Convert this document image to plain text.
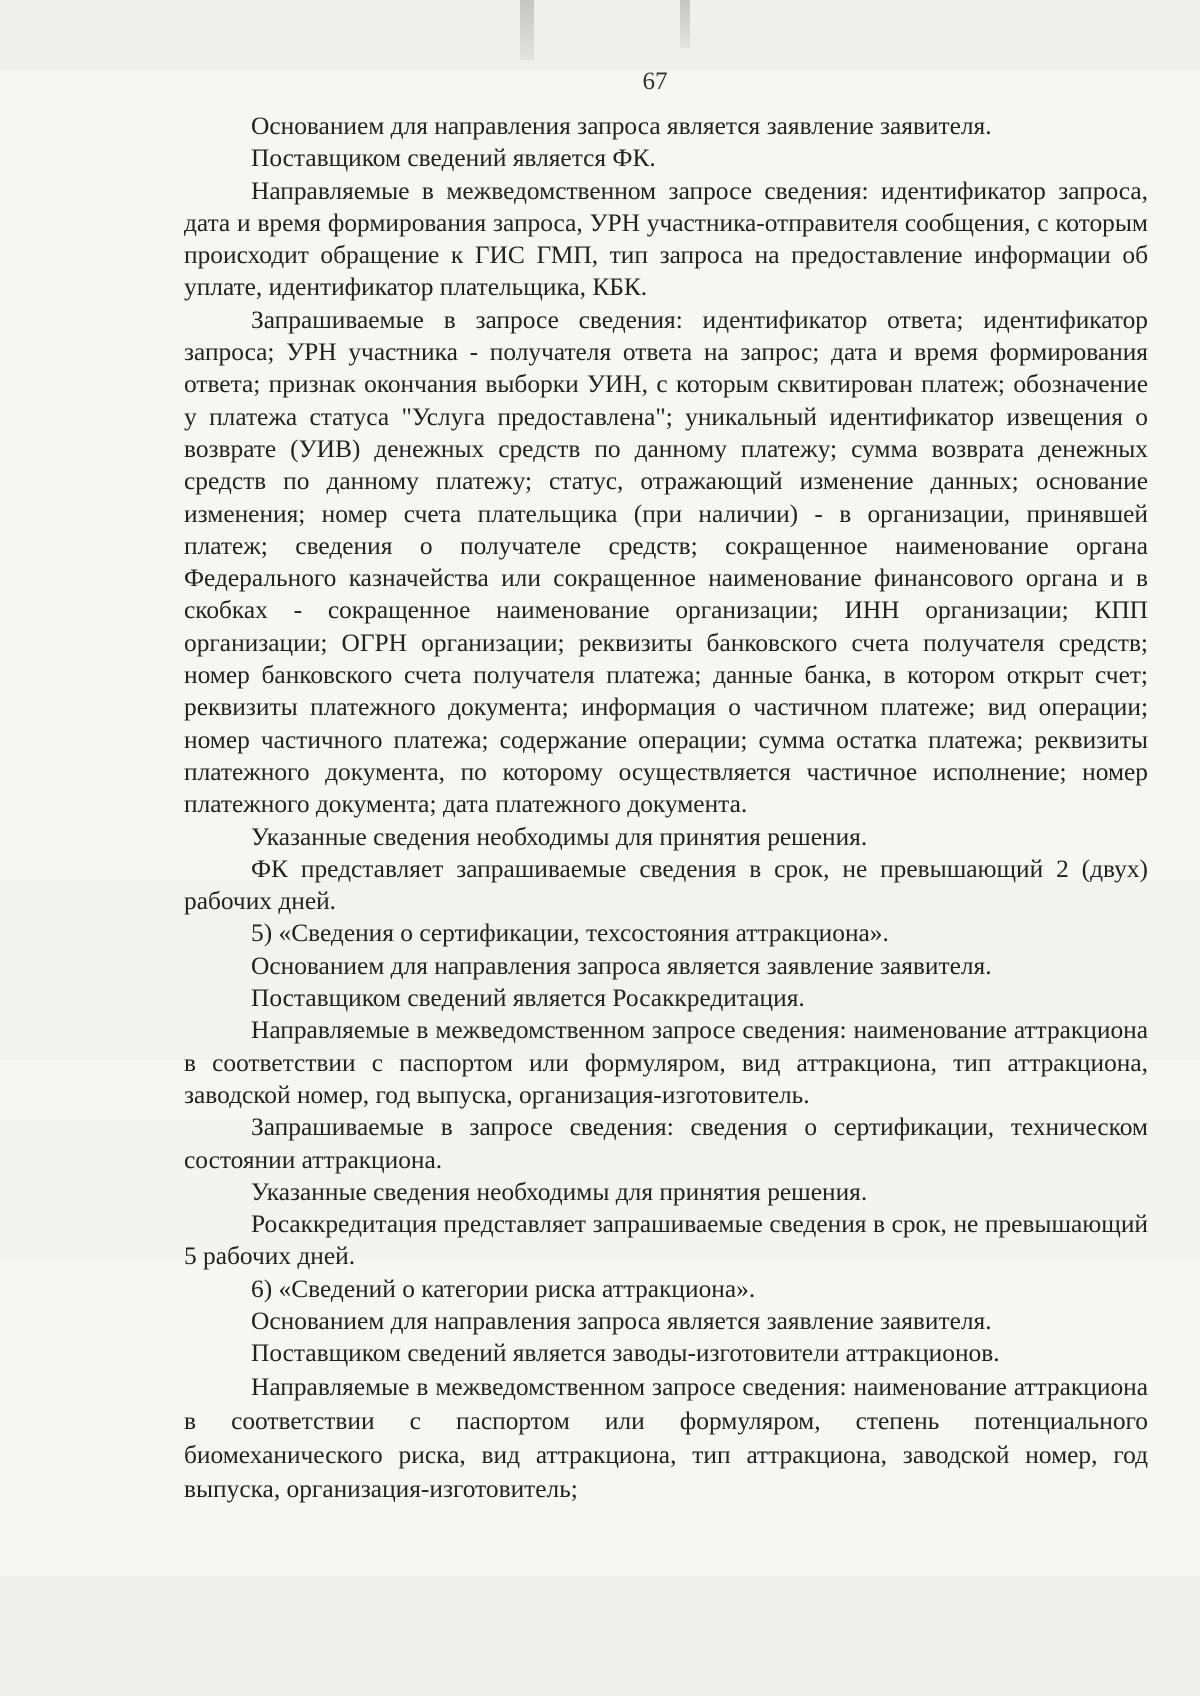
67

Основанием для направления запроса является заявление заявителя.

Поставщиком сведений является ФК.

Направляемые в межведомственном запросе сведения: идентификатор запроса, дата и время формирования запроса, УРН участника-отправителя сообщения, с которым происходит обращение к ГИС ГМП, тип запроса на предоставление информации об уплате, идентификатор плательщика, КБК.

Запрашиваемые в запросе сведения: идентификатор ответа; идентификатор запроса; УРН участника - получателя ответа на запрос; дата и время формирования ответа; признак окончания выборки УИН, с которым сквитирован платеж; обозначение у платежа статуса "Услуга предоставлена"; уникальный идентификатор извещения о возврате (УИВ) денежных средств по данному платежу; сумма возврата денежных средств по данному платежу; статус, отражающий изменение данных; основание изменения; номер счета плательщика (при наличии) - в организации, принявшей платеж; сведения о получателе средств; сокращенное наименование органа Федерального казначейства или сокращенное наименование финансового органа и в скобках - сокращенное наименование организации; ИНН организации; КПП организации; ОГРН организации; реквизиты банковского счета получателя средств; номер банковского счета получателя платежа; данные банка, в котором открыт счет; реквизиты платежного документа; информация о частичном платеже; вид операции; номер частичного платежа; содержание операции; сумма остатка платежа; реквизиты платежного документа, по которому осуществляется частичное исполнение; номер платежного документа; дата платежного документа.

Указанные сведения необходимы для принятия решения.

ФК представляет запрашиваемые сведения в срок, не превышающий 2 (двух) рабочих дней.

5) «Сведения о сертификации, техсостояния аттракциона».

Основанием для направления запроса является заявление заявителя.

Поставщиком сведений является Росаккредитация.

Направляемые в межведомственном запросе сведения: наименование аттракциона в соответствии с паспортом или формуляром, вид аттракциона, тип аттракциона, заводской номер, год выпуска, организация-изготовитель.

Запрашиваемые в запросе сведения: сведения о сертификации, техническом состоянии аттракциона.

Указанные сведения необходимы для принятия решения.

Росаккредитация представляет запрашиваемые сведения в срок, не превышающий 5 рабочих дней.

6) «Сведений о категории риска аттракциона».

Основанием для направления запроса является заявление заявителя.

Поставщиком сведений является заводы-изготовители аттракционов.

Направляемые в межведомственном запросе сведения: наименование аттракциона в соответствии с паспортом или формуляром, степень потенциального биомеханического риска, вид аттракциона, тип аттракциона, заводской номер, год выпуска, организация-изготовитель;
